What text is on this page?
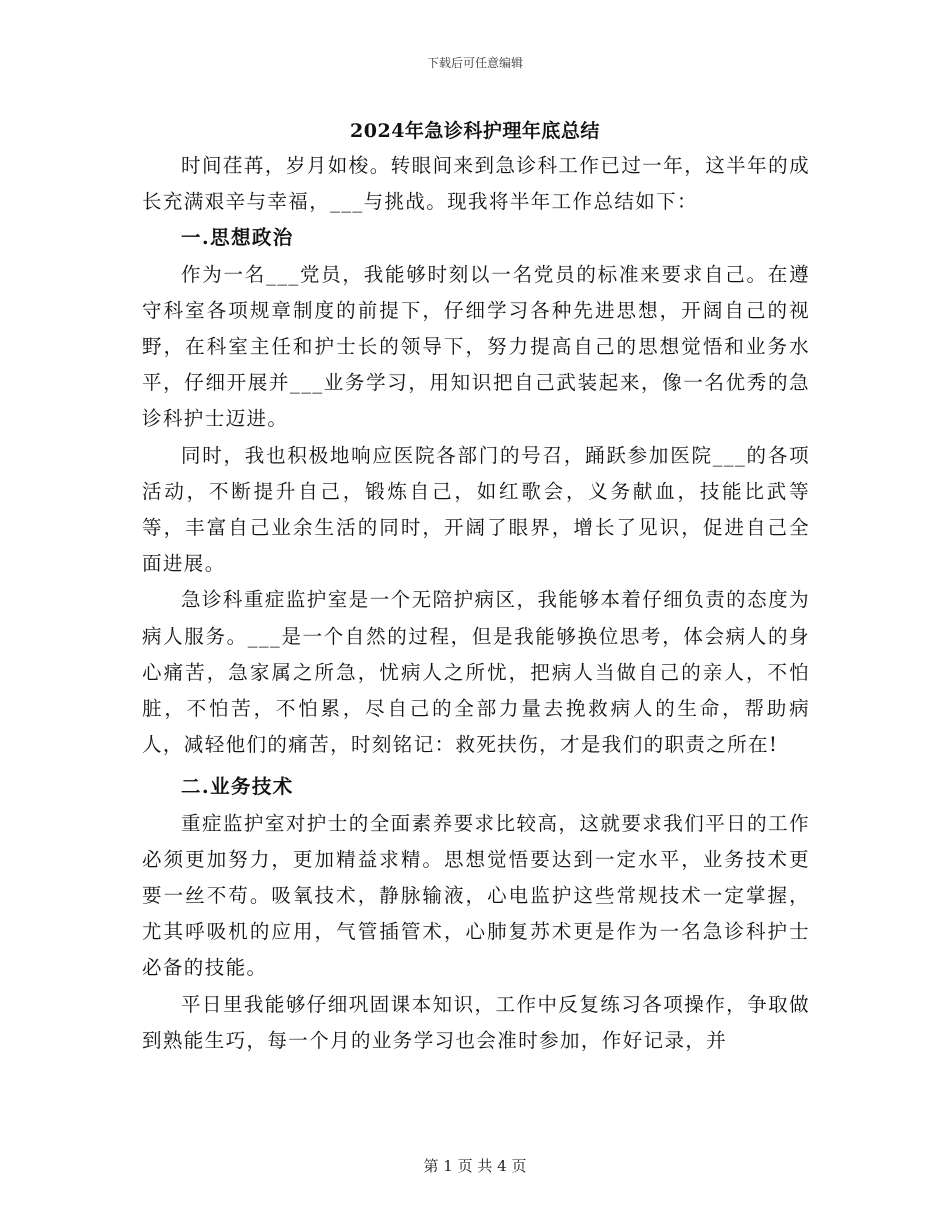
下载后可任意编辑
2024年急诊科护理年底总结

时间荏苒，岁月如梭。转眼间来到急诊科工作已过一年，这半年的成长充满艰辛与幸福，___与挑战。现我将半年工作总结如下：

一.思想政治

作为一名___党员，我能够时刻以一名党员的标准来要求自己。在遵守科室各项规章制度的前提下，仔细学习各种先进思想，开阔自己的视野，在科室主任和护士长的领导下，努力提高自己的思想觉悟和业务水平，仔细开展并___业务学习，用知识把自己武装起来，像一名优秀的急诊科护士迈进。

同时，我也积极地响应医院各部门的号召，踊跃参加医院___的各项活动，不断提升自己，锻炼自己，如红歌会，义务献血，技能比武等等，丰富自己业余生活的同时，开阔了眼界，增长了见识，促进自己全面进展。

急诊科重症监护室是一个无陪护病区，我能够本着仔细负责的态度为病人服务。___是一个自然的过程，但是我能够换位思考，体会病人的身心痛苦，急家属之所急，忧病人之所忧，把病人当做自己的亲人，不怕脏，不怕苦，不怕累，尽自己的全部力量去挽救病人的生命，帮助病人，减轻他们的痛苦，时刻铭记：救死扶伤，才是我们的职责之所在!

二.业务技术

重症监护室对护士的全面素养要求比较高，这就要求我们平日的工作必须更加努力，更加精益求精。思想觉悟要达到一定水平，业务技术更要一丝不苟。吸氧技术，静脉输液，心电监护这些常规技术一定掌握，尤其呼吸机的应用，气管插管术，心肺复苏术更是作为一名急诊科护士必备的技能。

平日里我能够仔细巩固课本知识，工作中反复练习各项操作，争取做到熟能生巧，每一个月的业务学习也会准时参加，作好记录，并

第 1 页 共 4 页
